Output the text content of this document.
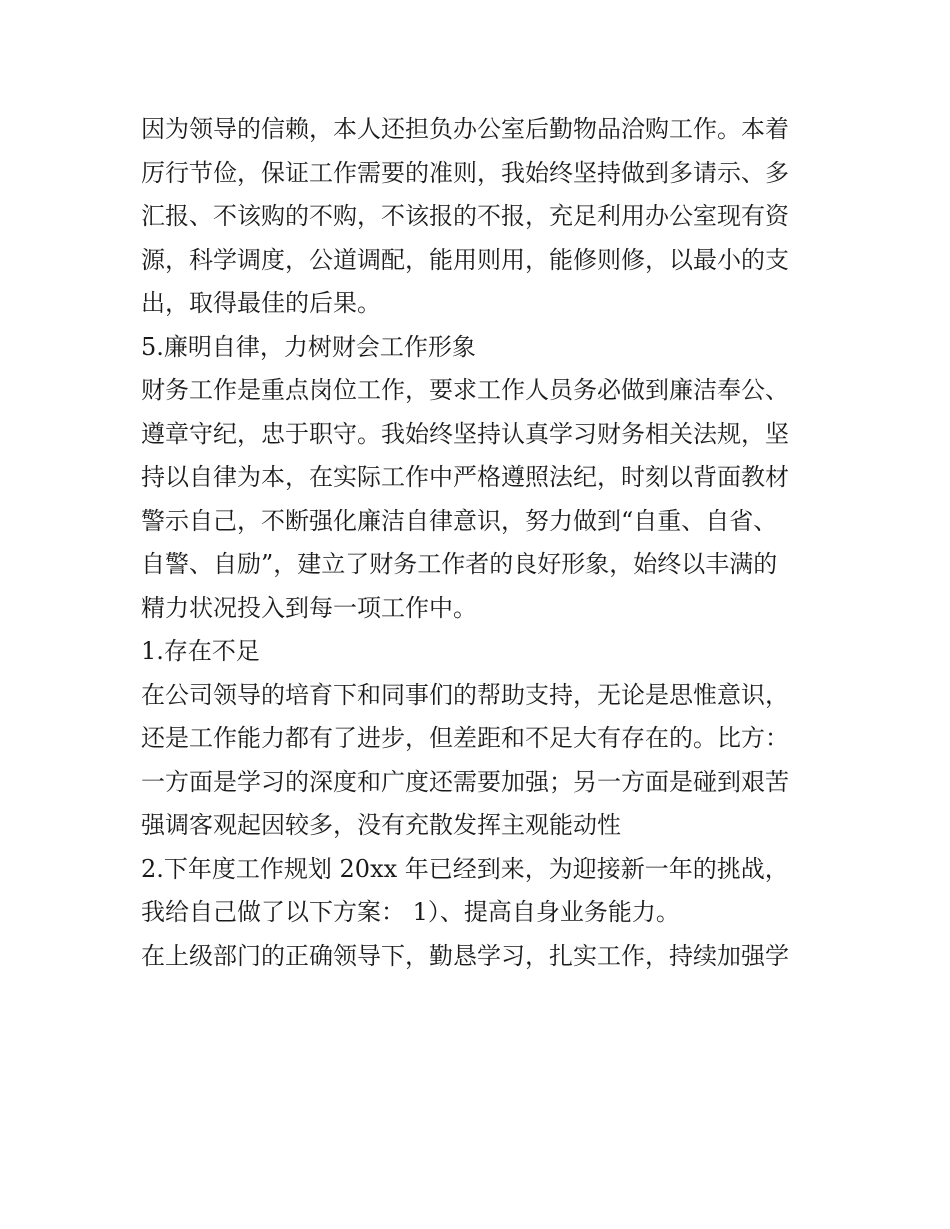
因为领导的信赖，本人还担负办公室后勤物品洽购工作。本着
厉行节俭，保证工作需要的准则，我始终坚持做到多请示、多
汇报、不该购的不购，不该报的不报，充足利用办公室现有资
源，科学调度，公道调配，能用则用，能修则修，以最小的支
出，取得最佳的后果。
5.廉明自律，力树财会工作形象
财务工作是重点岗位工作，要求工作人员务必做到廉洁奉公、
遵章守纪，忠于职守。我始终坚持认真学习财务相关法规，坚
持以自律为本，在实际工作中严格遵照法纪，时刻以背面教材
警示自己，不断强化廉洁自律意识，努力做到“自重、自省、
自警、自励”，建立了财务工作者的良好形象，始终以丰满的
精力状况投入到每一项工作中。
1.存在不足
在公司领导的培育下和同事们的帮助支持，无论是思惟意识，
还是工作能力都有了进步，但差距和不足大有存在的。比方：
一方面是学习的深度和广度还需要加强；另一方面是碰到艰苦
强调客观起因较多，没有充散发挥主观能动性
2.下年度工作规划 20xx 年已经到来，为迎接新一年的挑战，
我给自己做了以下方案： 1）、提高自身业务能力。
在上级部门的正确领导下，勤恳学习，扎实工作，持续加强学
